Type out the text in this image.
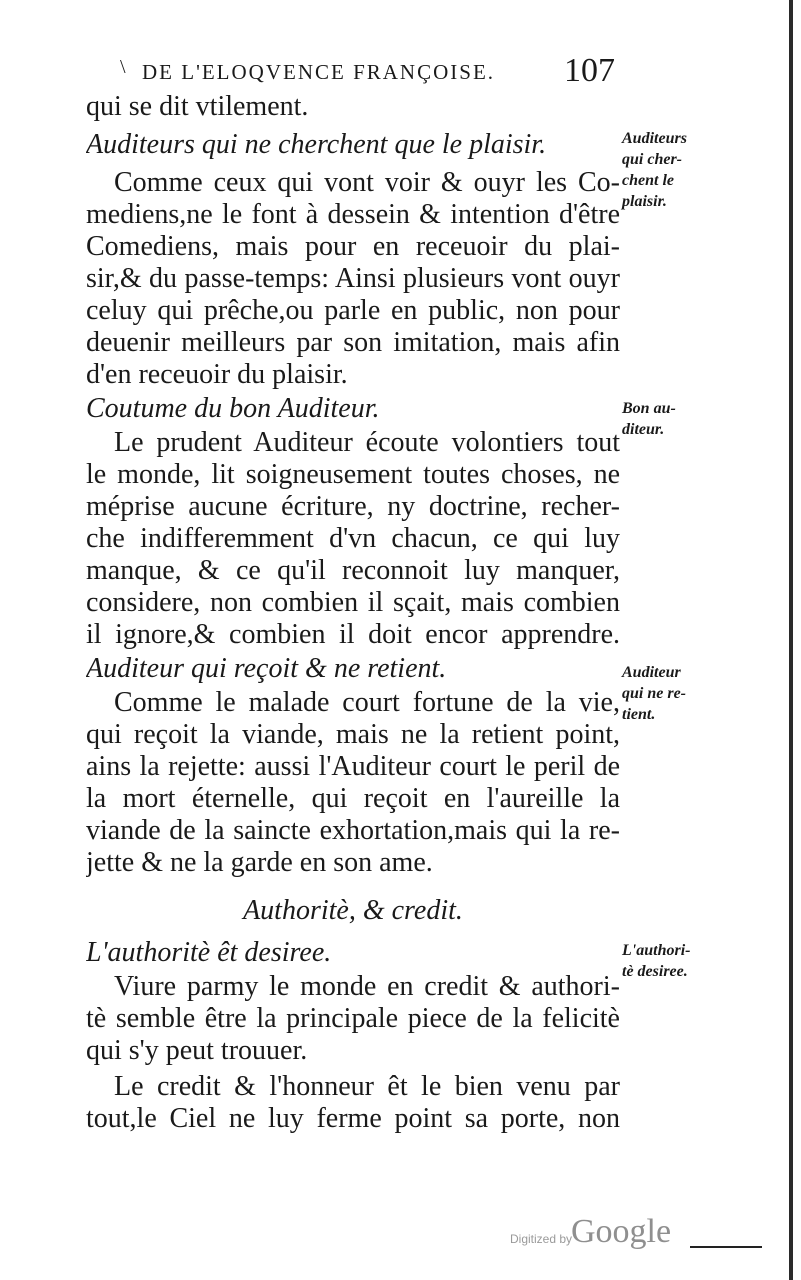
\ DE L'ELOQVENCE FRANÇOISE. 107
qui se dit vtilement.
Auditeurs qui ne cherchent que le plaisir.
Comme ceux qui vont voir & ouyr les Co-
mediens,ne le font à dessein & intention d'être
Comediens, mais pour en receuoir du plai-
sir,& du passe-temps: Ainsi plusieurs vont ouyr
celuy qui prêche,ou parle en public, non pour
deuenir meilleurs par son imitation, mais afin
d'en receuoir du plaisir.
Coutume du bon Auditeur.
Le prudent Auditeur écoute volontiers tout
le monde, lit soigneusement toutes choses, ne
méprise aucune écriture, ny doctrine, recher-
che indifferemment d'vn chacun, ce qui luy
manque, & ce qu'il reconnoit luy manquer,
considere, non combien il sçait, mais combien
il ignore,& combien il doit encor apprendre.
Auditeur qui reçoit & ne retient.
Comme le malade court fortune de la vie,
qui reçoit la viande, mais ne la retient point,
ains la rejette: aussi l'Auditeur court le peril de
la mort éternelle, qui reçoit en l'aureille la
viande de la saincte exhortation,mais qui la re-
jette & ne la garde en son ame.
Authoritè, & credit.
L'authoritè êt desiree.
Viure parmy le monde en credit & authori-
tè semble être la principale piece de la felicitè
qui s'y peut trouuer.
Le credit & l'honneur êt le bien venu par
tout,le Ciel ne luy ferme point sa porte, non
Auditeurs
qui cher-
chent le
plaisir.
Bon au-
diteur.
Auditeur
qui ne re-
tient.
L'authori-
tè desiree.
Digitized by
Google
